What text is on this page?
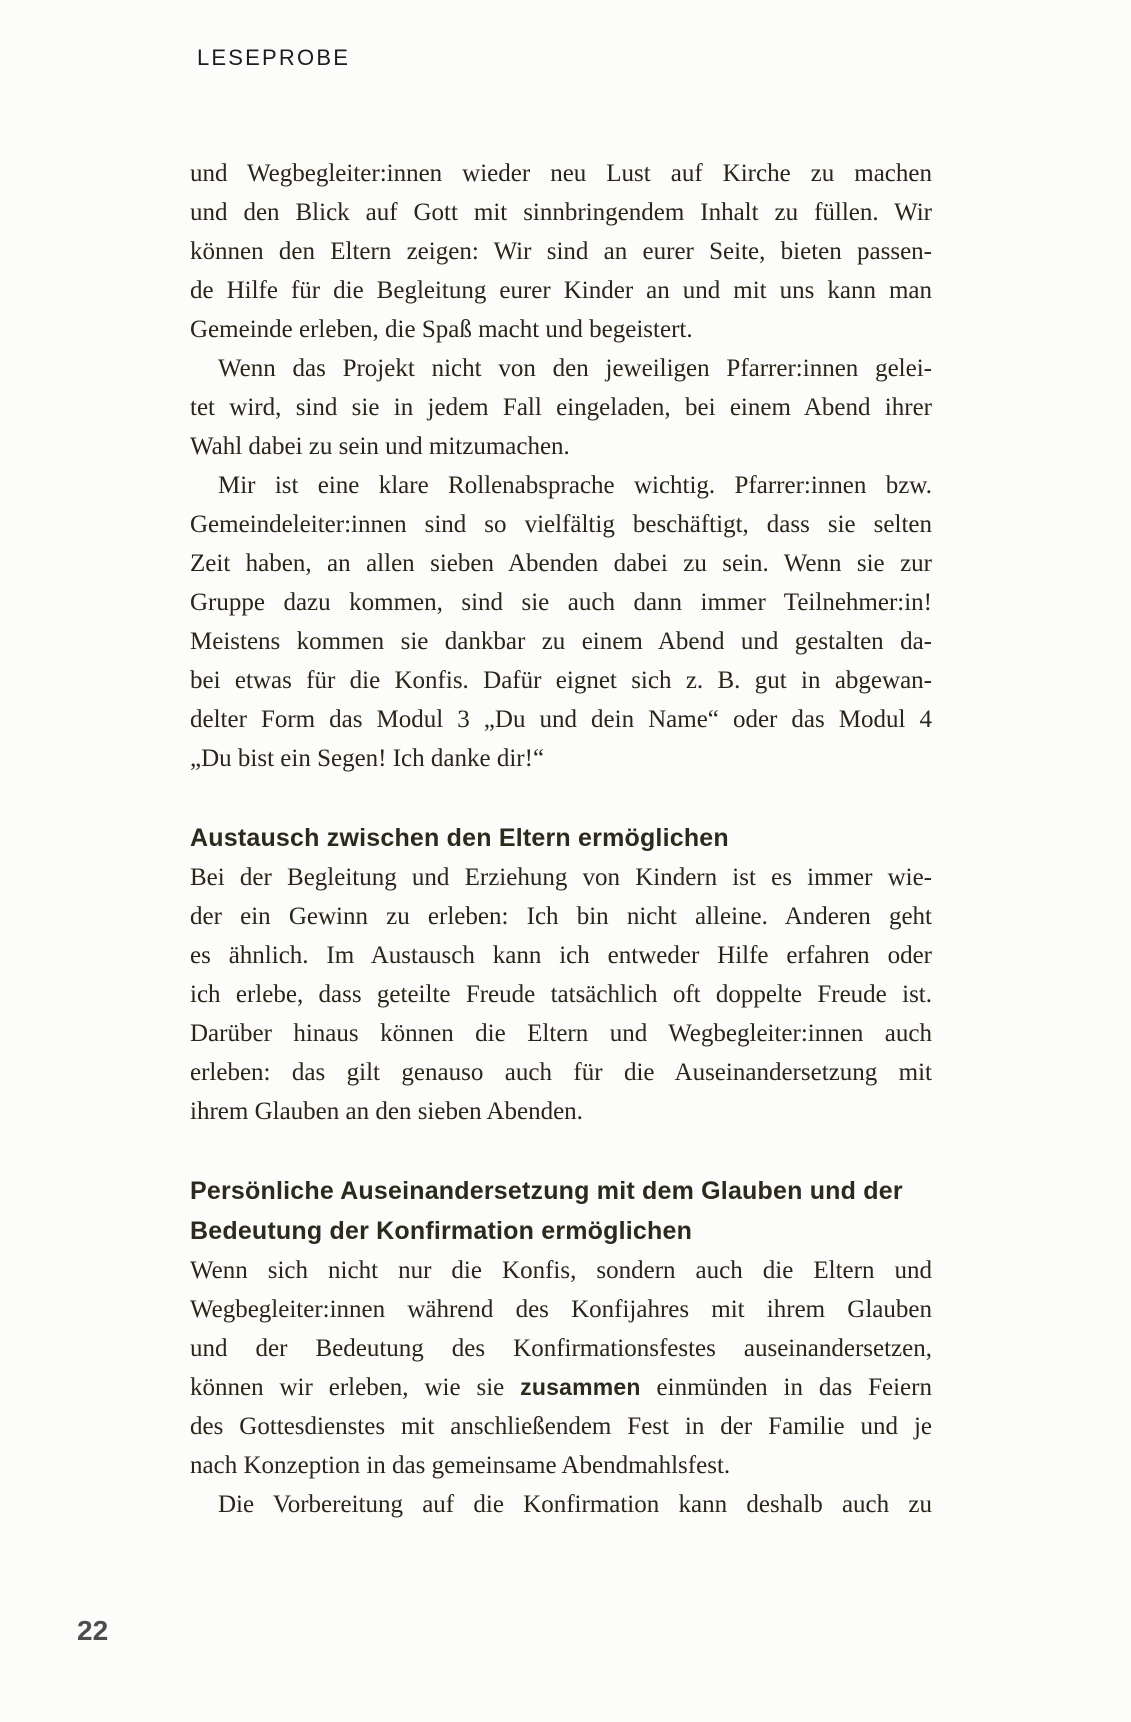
LESEPROBE
und Wegbegleiter:innen wieder neu Lust auf Kirche zu machen
und den Blick auf Gott mit sinnbringendem Inhalt zu füllen. Wir
können den Eltern zeigen: Wir sind an eurer Seite, bieten passen-
de Hilfe für die Begleitung eurer Kinder an und mit uns kann man
Gemeinde erleben, die Spaß macht und begeistert.
Wenn das Projekt nicht von den jeweiligen Pfarrer:innen gelei-
tet wird, sind sie in jedem Fall eingeladen, bei einem Abend ihrer
Wahl dabei zu sein und mitzumachen.
Mir ist eine klare Rollenabsprache wichtig. Pfarrer:innen bzw.
Gemeindeleiter:innen sind so vielfältig beschäftigt, dass sie selten
Zeit haben, an allen sieben Abenden dabei zu sein. Wenn sie zur
Gruppe dazu kommen, sind sie auch dann immer Teilnehmer:in!
Meistens kommen sie dankbar zu einem Abend und gestalten da-
bei etwas für die Konfis. Dafür eignet sich z. B. gut in abgewan-
delter Form das Modul 3 „Du und dein Name“ oder das Modul 4
„Du bist ein Segen! Ich danke dir!“
Austausch zwischen den Eltern ermöglichen
Bei der Begleitung und Erziehung von Kindern ist es immer wie-
der ein Gewinn zu erleben: Ich bin nicht alleine. Anderen geht
es ähnlich. Im Austausch kann ich entweder Hilfe erfahren oder
ich erlebe, dass geteilte Freude tatsächlich oft doppelte Freude ist.
Darüber hinaus können die Eltern und Wegbegleiter:innen auch
erleben: das gilt genauso auch für die Auseinandersetzung mit
ihrem Glauben an den sieben Abenden.
Persönliche Auseinandersetzung mit dem Glauben und der
Bedeutung der Konfirmation ermöglichen
Wenn sich nicht nur die Konfis, sondern auch die Eltern und
Wegbegleiter:innen während des Konfijahres mit ihrem Glauben
und der Bedeutung des Konfirmationsfestes auseinandersetzen,
können wir erleben, wie sie zusammen einmünden in das Feiern
des Gottesdienstes mit anschließendem Fest in der Familie und je
nach Konzeption in das gemeinsame Abendmahlsfest.
Die Vorbereitung auf die Konfirmation kann deshalb auch zu
22
